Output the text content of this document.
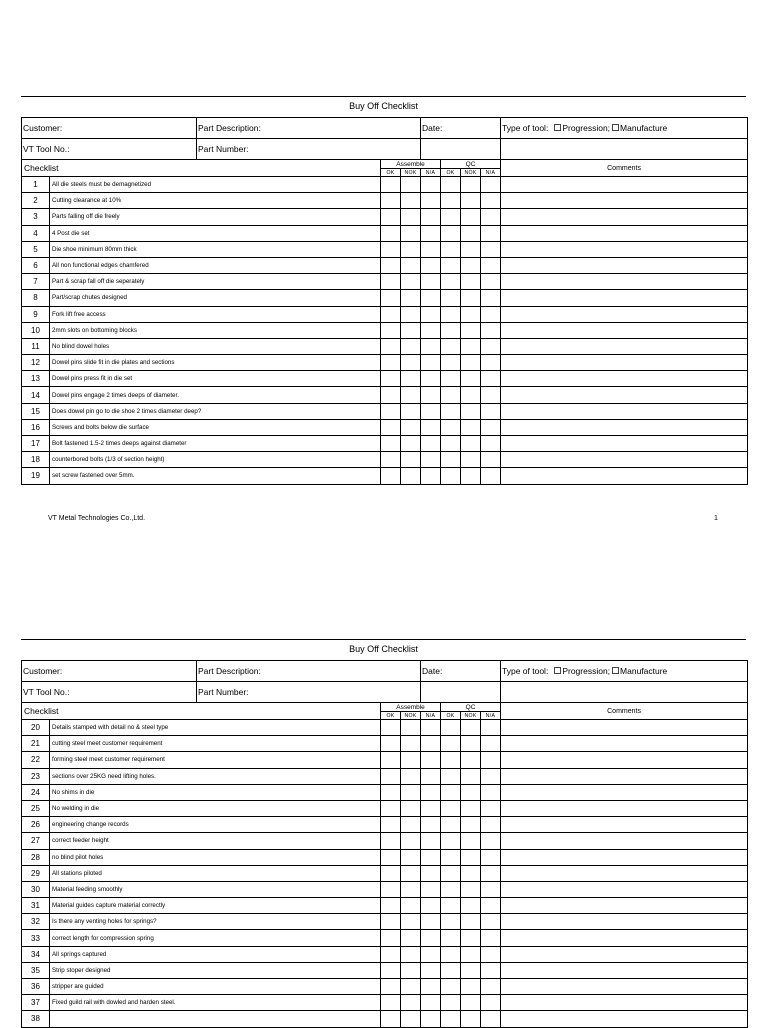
Buy Off Checklist
Customer:	Part Description:	Date:	Type of tool: Progression; Manufacture
VT Tool No.:	Part Number:		
Checklist		Assemble			QC			Comments
		OK	NOK	N/A	OK	NOK	N/A	
1	All die steels must be demagnetized							
2	Cutting clearance at 10%							
3	Parts falling off die freely							
4	4 Post die set							
5	Die shoe minimum 80mm thick							
6	All non functional edges chamfered							
7	Part & scrap fall off die seperately							
8	Part/scrap chutes designed							
9	Fork lift free access							
10	2mm slots on bottoming blocks							
11	No blind dowel holes							
12	Dowel pins slide fit in die plates and sections							
13	Dowel pins press fit in die set							
14	Dowel pins engage 2 times deeps of diameter.							
15	Does dowel pin go to die shoe 2 times diameter deep?							
16	Screws and bolts below die surface							
17	Bolt fastened 1.5-2 times deeps against diameter							
18	counterbored bolts (1/3 of section height)							
19	set screw fastened over 5mm.							
Buy Off Checklist
Customer:	Part Description:	Date:	Type of tool: Progression; Manufacture
VT Tool No.:	Part Number:		
Checklist		Assemble			QC			Comments
		OK	NOK	N/A	OK	NOK	N/A	
20	Details stamped with detail no & steel type							
21	cutting steel meet customer requirement							
22	forming steel meet customer requirement							
23	sections over 25KG need lifting holes.							
24	No shims in die							
25	No welding in die							
26	engineering change records							
27	correct feeder height							
28	no blind pilot holes							
29	All stations piloted							
30	Material feeding smoothly							
31	Material guides capture material correctly							
32	Is there any venting holes for springs?							
33	correct length for compression spring							
34	All springs captured							
35	Strip stoper designed							
36	stripper are guided							
37	Fixed guild rail with dowled and harden steel.							
38								
VT Metal Technologies Co.,Ltd.	1
